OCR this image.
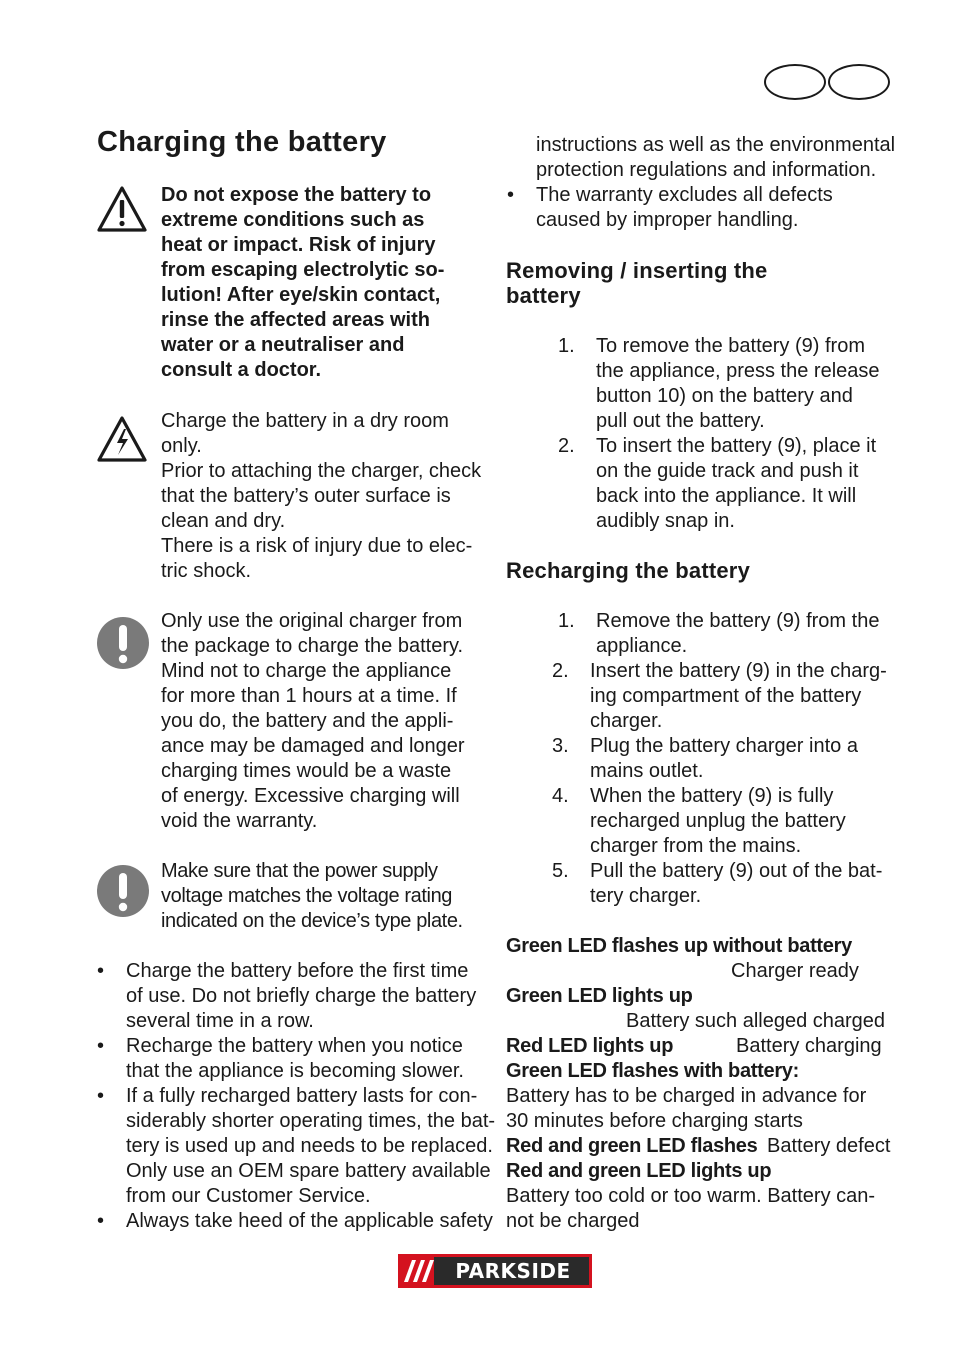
Charging the battery
Do not expose the battery to
extreme conditions such as
heat or impact. Risk of injury
from escaping electrolytic so-
lution! After eye/skin contact,
rinse the affected areas with
water or a neutraliser and
consult a doctor.
Charge the battery in a dry room
only.
Prior to attaching the charger, check
that the battery’s outer surface is
clean and dry.
There is a risk of injury due to elec-
tric shock.
Only use the original charger from
the package to charge the battery.
Mind not to charge the appliance
for more than 1 hours at a time. If
you do, the battery and the appli-
ance may be damaged and longer
charging times would be a waste
of energy. Excessive charging will
void the warranty.
Make sure that the power supply
voltage matches the voltage rating
indicated on the device’s type plate.
• Charge the battery before the first time
of use. Do not briefly charge the battery
several time in a row.
• Recharge the battery when you notice
that the appliance is becoming slower.
• If a fully recharged battery lasts for con-
siderably shorter operating times, the bat-
tery is used up and needs to be replaced.
Only use an OEM spare battery available
from our Customer Service.
• Always take heed of the applicable safety
instructions as well as the environmental
protection regulations and information.
• The warranty excludes all defects
caused by improper handling.
Removing / inserting the
battery
1. To remove the battery (9) from
the appliance, press the release
button 10) on the battery and
pull out the battery.
2. To insert the battery (9), place it
on the guide track and push it
back into the appliance. It will
audibly snap in.
Recharging the battery
1. Remove the battery (9) from the
appliance.
2. Insert the battery (9) in the charg-
ing compartment of the battery
charger.
3. Plug the battery charger into a
mains outlet.
4. When the battery (9) is fully
recharged unplug the battery
charger from the mains.
5. Pull the battery (9) out of the bat-
tery charger.
Green LED flashes up without battery
Charger ready
Green LED lights up
Battery such alleged charged
Red LED lights up	Battery charging
Green LED flashes with battery:
Battery has to be charged in advance for
30 minutes before charging starts
Red and green LED flashes Battery defect
Red and green LED lights up
Battery too cold or too warm. Battery can-
not be charged
PARKSIDE
